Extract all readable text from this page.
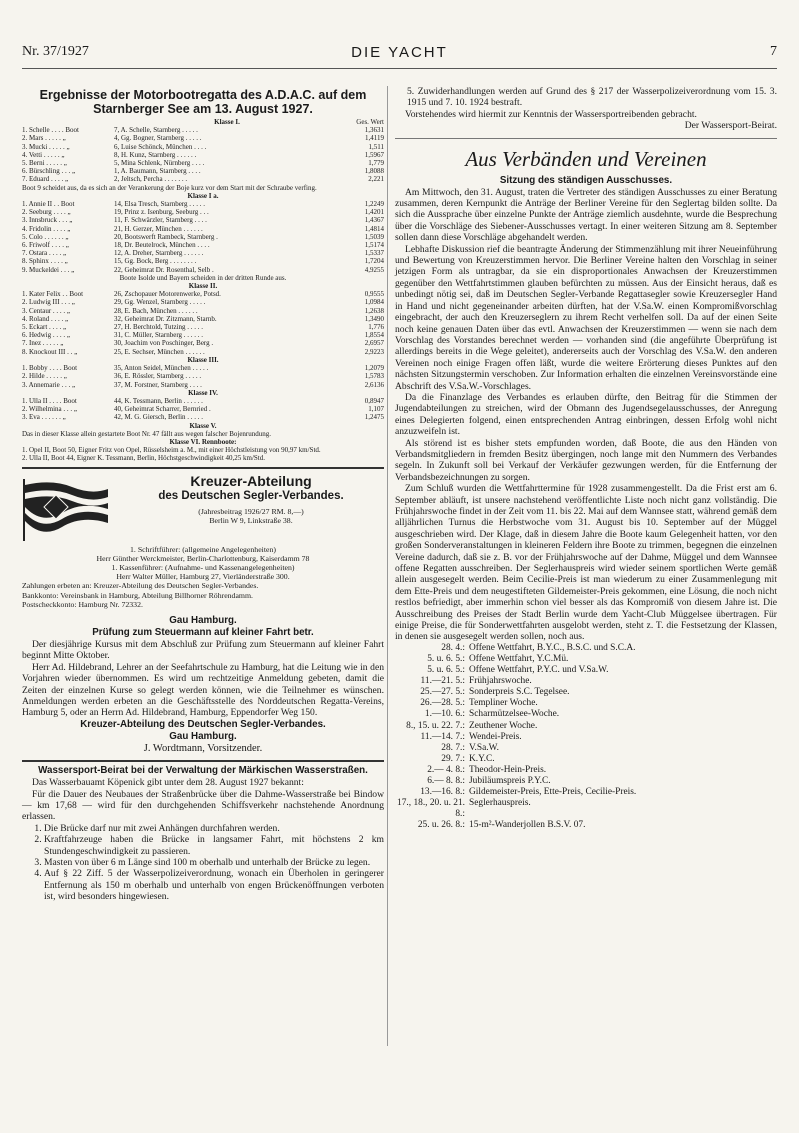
Nr. 37/1927	DIE YACHT	7
Ergebnisse der Motorbootregatta des A.D.A.C. auf dem Starnberger See am 13. August 1927.
Klasse I.	Ges. Wert
1. Schelle . . . . Boot	7, A. Schelle, Starnberg . . . . .	1,3631
2. Mars . . . . . „	4, Gg. Bogner, Starnberg . . . . .	1,4119
3. Mucki . . . . . „	6, Luise Schönck, München . . . .	1,511
4. Vetti . . . . . „	8, H. Kunz, Starnberg . . . . . .	1,5967
5. Berni . . . . . „	5, Mina Schlenk, Nürnberg . . . .	1,779
6. Bürschling . . . „	1, A. Baumann, Starnberg . . . .	1,8088
7. Eduard . . . . „	2, Jeltsch, Percha . . . . . . .	2,221
Boot 9 scheidet aus, da es sich an der Verankerung der Boje kurz vor dem Start mit der Schraube verfing.
Klasse I a.
1. Annie II . . Boot	14, Elsa Tresch, Starnberg . . . . .	1,2249
2. Seeburg . . . . „	19, Prinz z. Isenburg, Seeburg . . .	1,4201
3. Innsbruck . . . „	11, F. Schwärzler, Starnberg . . . .	1,4367
4. Fridolin . . . . „	21, H. Gerzer, München . . . . . .	1,4814
5. Colo . . . . . . „	20, Bootswerft Rambeck, Starnberg .	1,5039
6. Friwolf . . . . „	18, Dr. Beutelrock, München . . . .	1,5174
7. Ostara . . . . „	12, A. Dreher, Starnberg . . . . . .	1,5337
8. Sphinx . . . . „	15, Gg. Bock, Berg . . . . . . . .	1,7204
9. Muckeldei . . . „	22, Geheimrat Dr. Rosenthal, Selb .	4,9255
Boote Isolde und Bayern scheiden in der dritten Runde aus.
Klasse II.
1. Kater Felix . . Boot	26, Zschopauer Motorenwerke, Potsd.	0,9555
2. Ludwig III . . . „	29, Gg. Wenzel, Starnberg . . . . .	1,0984
3. Centaur . . . . „	28, E. Bach, München . . . . . .	1,2638
4. Roland . . . . „	32, Geheimrat Dr. Zitzmann, Starnb.	1,3490
5. Eckart . . . . „	27, H. Berchtold, Tutzing . . . . .	1,776
6. Hedwig . . . . „	31, C. Müller, Starnberg . . . . . .	1,8554
7. Inez . . . . . „	30, Joachim von Poschinger, Berg .	2,6957
8. Knockout III . . „	25, E. Sechser, München . . . . . .	2,9223
Klasse III.
1. Bobby . . . . Boot	35, Anton Seidel, München . . . . .	1,2079
2. Hilde . . . . . „	36, E. Rössler, Starnberg . . . . .	1,5783
3. Annemarie . . . „	37, M. Forstner, Starnberg . . . .	2,6136
Klasse IV.
1. Ulla II . . . . Boot	44, K. Tessmann, Berlin . . . . . .	0,8947
2. Wilhelmina . . . „	40, Geheimrat Scharrer, Bernried .	1,107
3. Eva . . . . . . „	42, M. G. Giersch, Berlin . . . . .	1,2475
Klasse V.
Das in dieser Klasse allein gestartete Boot Nr. 47 fällt aus wegen falscher Bojenrundung.
Klasse VI. Rennboote:
1. Opel II, Boot 50, Eigner Fritz von Opel, Rüsselsheim a. M., mit einer Höchstleistung von 90,97 km/Std.
2. Ulla II, Boot 44, Eigner K. Tessmann, Berlin, Höchstgeschwindigkeit 40,25 km/Std.
Kreuzer-Abteilung
des Deutschen Segler-Verbandes.
(Jahresbeitrag 1926/27 RM. 8,—)
Berlin W 9, Linkstraße 38.
1. Schriftführer: (allgemeine Angelegenheiten)
Herr Günther Werckmeister, Berlin-Charlottenburg, Kaiserdamm 78
1. Kassenführer: (Aufnahme- und Kassenangelegenheiten)
Herr Walter Müller, Hamburg 27, Vierländerstraße 300.
Zahlungen erbeten an: Kreuzer-Abteilung des Deutschen Segler-Verbandes.
Bankkonto: Vereinsbank in Hamburg, Abteilung Billhorner Röhrendamm.
Postscheckkonto: Hamburg Nr. 72332.
Gau Hamburg.
Prüfung zum Steuermann auf kleiner Fahrt betr.

Der diesjährige Kursus mit dem Abschluß zur Prüfung zum Steuermann auf kleiner Fahrt beginnt Mitte Oktober.

Herr Ad. Hildebrand, Lehrer an der Seefahrtschule zu Hamburg, hat die Leitung wie in den Vorjahren wieder übernommen. Es wird um rechtzeitige Anmeldung gebeten, damit die Zeiten der einzelnen Kurse so gelegt werden können, wie die Teilnehmer es wünschen. Anmeldungen werden erbeten an die Geschäftsstelle des Norddeutschen Regatta-Vereins, Hamburg 5, oder an Herrn Ad. Hildebrand, Hamburg, Eppendorfer Weg 150.

Kreuzer-Abteilung des Deutschen Segler-Verbandes.
Gau Hamburg.
J. Wordtmann, Vorsitzender.
Wassersport-Beirat bei der Verwaltung der Märkischen Wasserstraßen.

Das Wasserbauamt Köpenick gibt unter dem 28. August 1927 bekannt:

Für die Dauer des Neubaues der Straßenbrücke über die Dahme-Wasserstraße bei Bindow — km 17,68 — wird für den durchgehenden Schiffsverkehr nachstehende Anordnung erlassen.

1. Die Brücke darf nur mit zwei Anhängen durchfahren werden.
2. Kraftfahrzeuge haben die Brücke in langsamer Fahrt, mit höchstens 2 km Stundengeschwindigkeit zu passieren.
3. Masten von über 6 m Länge sind 100 m oberhalb und unterhalb der Brücke zu legen.
4. Auf § 22 Ziff. 5 der Wasserpolizeiverordnung, wonach ein Überholen in geringerer Entfernung als 150 m oberhalb und unterhalb von engen Brückenöffnungen verboten ist, wird besonders hingewiesen.

5. Zuwiderhandlungen werden auf Grund des § 217 der Wasserpolizeiverordnung vom 15. 3. 1915 und 7. 10. 1924 bestraft.

Vorstehendes wird hiermit zur Kenntnis der Wassersportreibenden gebracht.

Der Wassersport-Beirat.
Aus Verbänden und Vereinen
Sitzung des ständigen Ausschusses.

Am Mittwoch, den 31. August, traten die Vertreter des ständigen Ausschusses zu einer Beratung zusammen, deren Kernpunkt die Anträge der Berliner Vereine für den Seglertag bilden sollte. Da sich die Aussprache über einzelne Punkte der Anträge ziemlich ausdehnte, wurde die Besprechung über die Vorschläge des Siebener-Ausschusses vertagt. In einer weiteren Sitzung am 8. September sollen dann diese Vorschläge abgehandelt werden.

Lebhafte Diskussion rief die beantragte Änderung der Stimmenzählung mit ihrer Neueinführung und Bewertung von Kreuzerstimmen hervor. Die Berliner Vereine halten den Vorschlag in seiner jetzigen Form als untragbar, da sie ein disproportionales Anwachsen der Kreuzerstimmen gegenüber den Wettfahrtstimmen glauben befürchten zu müssen. Aus der Einsicht heraus, daß es unbedingt nötig sei, daß im Deutschen Segler-Verbande Regattasegler sowie Kreuzersegler Hand in Hand und nicht gegeneinander arbeiten dürften, hat der V.Sa.W. einen Kompromißvorschlag eingebracht, der auch den Kreuzerseglern zu ihrem Recht verhelfen soll. Da auf der einen Seite noch keine genauen Daten über das evtl. Anwachsen der Kreuzerstimmen — wenn sie nach dem Vorschlag des Vorstandes berechnet werden — vorhanden sind (die angeführte Überprüfung ist allerdings bereits in die Wege geleitet), andererseits auch der Vorschlag des V.Sa.W. den anderen Vereinen noch einige Fragen offen läßt, wurde die weitere Erörterung dieses Punktes auf den nächsten Sitzungstermin verschoben. Zur Information erhalten die einzelnen Vereinsvorstände eine Abschrift des V.Sa.W.-Vorschlages.

Da die Finanzlage des Verbandes es erlauben dürfte, den Beitrag für die Stimmen der Jugendabteilungen zu streichen, wird der Obmann des Jugendsegelausschusses, der Anregung eines Delegierten folgend, einen entsprechenden Antrag einbringen, dessen Erfolg wohl nicht anzuzweifeln ist.

Als störend ist es bisher stets empfunden worden, daß Boote, die aus den Händen von Verbandsmitgliedern in fremden Besitz übergingen, noch lange mit den Nummern des Verbandes segeln. In Zukunft soll bei Verkauf der Verkäufer gezwungen werden, für die Entfernung der Verbandsbezeichnungen zu sorgen.

Zum Schluß wurden die Wettfahrttermine für 1928 zusammengestellt. Da die Frist erst am 6. September abläuft, ist unsere nachstehend veröffentlichte Liste noch nicht ganz vollständig. Die Frühjahrswoche findet in der Zeit vom 11. bis 22. Mai auf dem Wannsee statt, während gemäß dem alljährlichen Turnus die Herbstwoche vom 31. August bis 10. September auf der Müggel ausgeschrieben wird. Der Klage, daß in diesem Jahre die Boote kaum Gelegenheit hatten, vor den großen Sonderveranstaltungen in kleineren Feldern ihre Boote zu trimmen, begegnen die einzelnen Vereine dadurch, daß sie z. B. vor der Frühjahrswoche auf der Dahme, Müggel und dem Wannsee offene Regatten ausschreiben. Der Seglerhauspreis wird wieder seinem sportlichen Werte gemäß allein ausgesegelt werden. Beim Cecilie-Preis ist man wiederum zu einer Zusammenlegung mit dem Ette-Preis und dem neugestifteten Gildemeister-Preis gekommen, eine Lösung, die noch nicht restlos befriedigt, aber immerhin schon viel besser als das Kompromiß von diesem Jahre ist. Die Ausschreibung des Preises der Stadt Berlin wurde dem Yacht-Club Müggelsee übertragen. Für einige Preise, die für Sonderwettfahrten ausgelobt werden, steht z. T. die Festsetzung der Klassen, in denen sie ausgesegelt werden sollen, noch aus.

28. 4.: Offene Wettfahrt, B.Y.C., B.S.C. und S.C.A.
5. u. 6. 5.: Offene Wettfahrt, Y.C.Mü.
5. u. 6. 5.: Offene Wettfahrt, P.Y.C. und V.Sa.W.
11.—21. 5.: Frühjahrswoche.
25.—27. 5.: Sonderpreis S.C. Tegelsee.
26.—28. 5.: Templiner Woche.
1.—10. 6.: Scharmützelsee-Woche.
8., 15. u. 22. 7.: Zeuthener Woche.
11.—14. 7.: Wendei-Preis.
28. 7.: V.Sa.W.
29. 7.: K.Y.C.
2.— 4. 8.: Theodor-Hein-Preis.
6.— 8. 8.: Jubiläumspreis P.Y.C.
13.—16. 8.: Gildemeister-Preis, Ette-Preis, Cecilie-Preis.
17., 18., 20. u. 21. 8.:
Seglerhauspreis.
25. u. 26. 8.: 15-m²-Wanderjollen B.S.V. 07.
